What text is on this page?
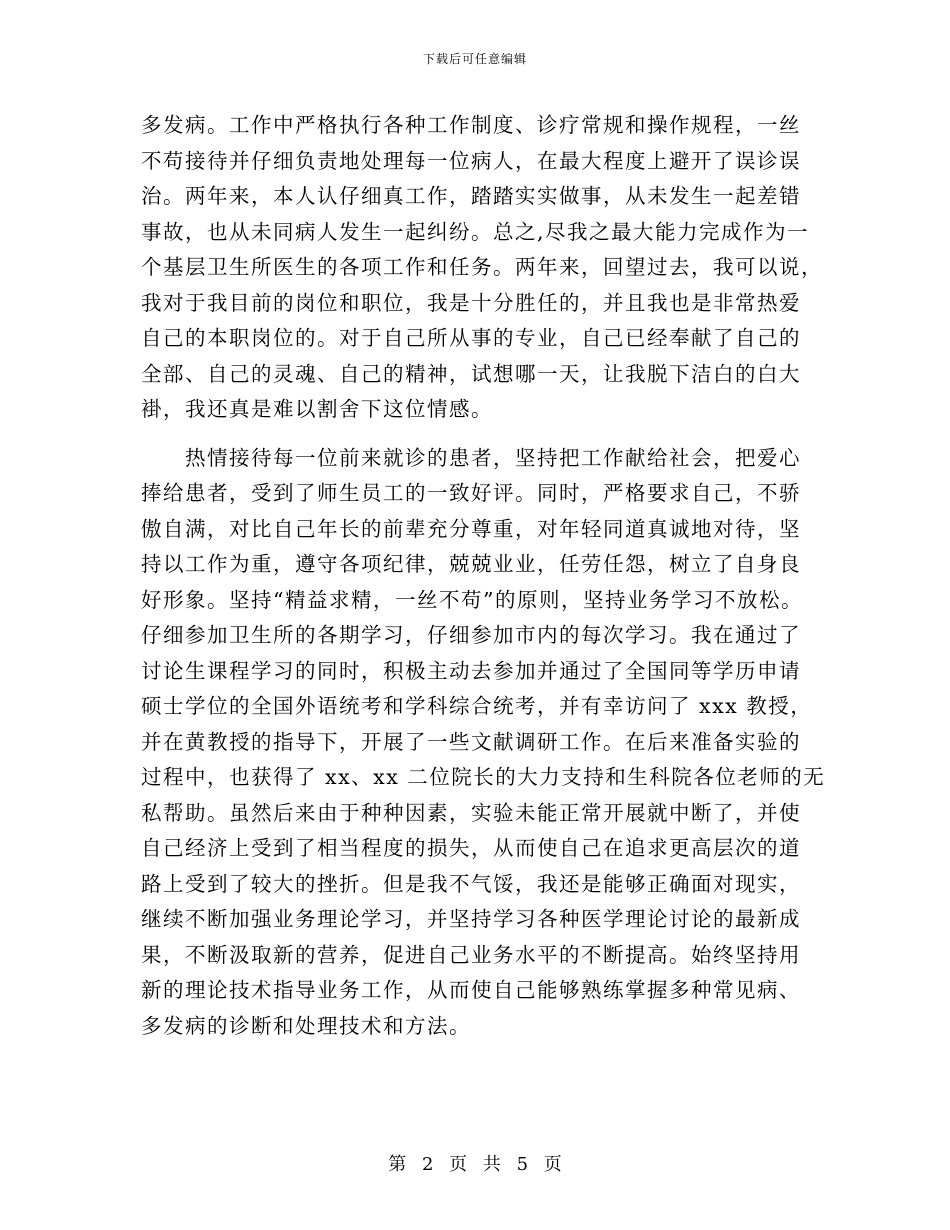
下载后可任意编辑
多发病。工作中严格执行各种工作制度、诊疗常规和操作规程，一丝
不苟接待并仔细负责地处理每一位病人，在最大程度上避开了误诊误
治。两年来，本人认仔细真工作，踏踏实实做事，从未发生一起差错
事故，也从未同病人发生一起纠纷。总之,尽我之最大能力完成作为一
个基层卫生所医生的各项工作和任务。两年来，回望过去，我可以说，
我对于我目前的岗位和职位，我是十分胜任的，并且我也是非常热爱
自己的本职岗位的。对于自己所从事的专业，自己已经奉献了自己的
全部、自己的灵魂、自己的精神，试想哪一天，让我脱下洁白的白大
褂，我还真是难以割舍下这位情感。
热情接待每一位前来就诊的患者，坚持把工作献给社会，把爱心
捧给患者，受到了师生员工的一致好评。同时，严格要求自己，不骄
傲自满，对比自己年长的前辈充分尊重，对年轻同道真诚地对待，坚
持以工作为重，遵守各项纪律，兢兢业业，任劳任怨，树立了自身良
好形象。坚持“精益求精，一丝不苟”的原则，坚持业务学习不放松。
仔细参加卫生所的各期学习，仔细参加市内的每次学习。我在通过了
讨论生课程学习的同时，积极主动去参加并通过了全国同等学历申请
硕士学位的全国外语统考和学科综合统考，并有幸访问了 xxx 教授，
并在黄教授的指导下，开展了一些文献调研工作。在后来准备实验的
过程中，也获得了 xx、xx 二位院长的大力支持和生科院各位老师的无
私帮助。虽然后来由于种种因素，实验未能正常开展就中断了，并使
自己经济上受到了相当程度的损失，从而使自己在追求更高层次的道
路上受到了较大的挫折。但是我不气馁，我还是能够正确面对现实，
继续不断加强业务理论学习，并坚持学习各种医学理论讨论的最新成
果，不断汲取新的营养，促进自己业务水平的不断提高。始终坚持用
新的理论技术指导业务工作，从而使自己能够熟练掌握多种常见病、
多发病的诊断和处理技术和方法。
第 2 页 共 5 页
